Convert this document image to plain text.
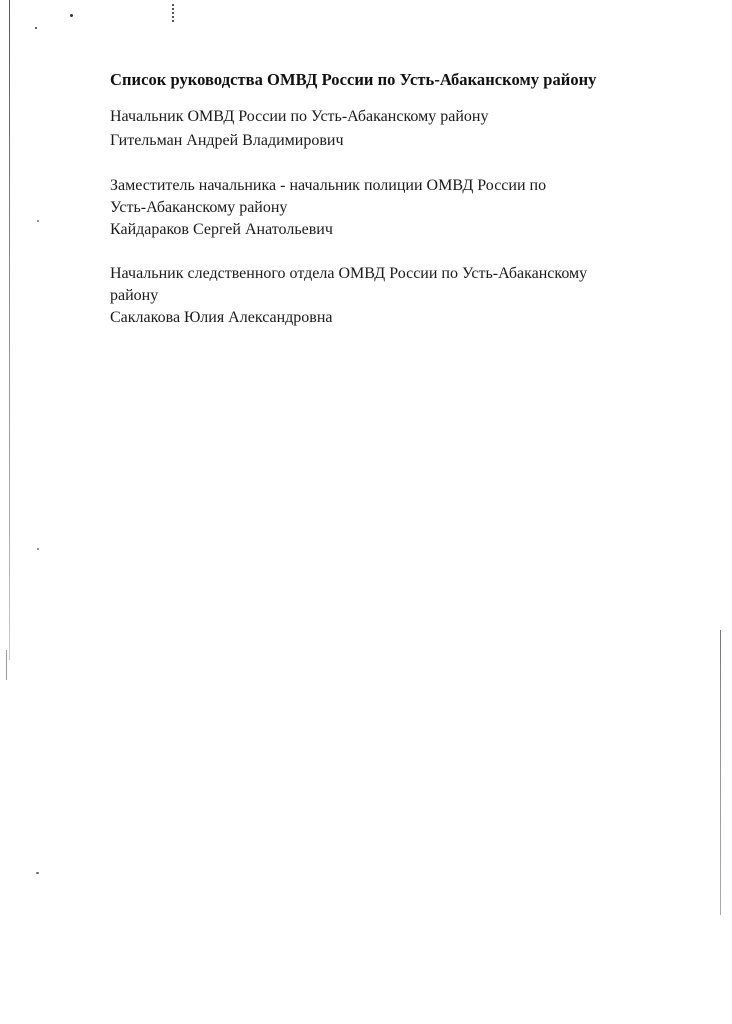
Список руководства ОМВД России по Усть-Абаканскому району
Начальник ОМВД России по Усть-Абаканскому району
Гительман Андрей Владимирович
Заместитель начальника - начальник полиции ОМВД России по
Усть-Абаканскому району
Кайдараков Сергей Анатольевич
Начальник следственного отдела ОМВД России по Усть-Абаканскому
району
Саклакова Юлия Александровна
